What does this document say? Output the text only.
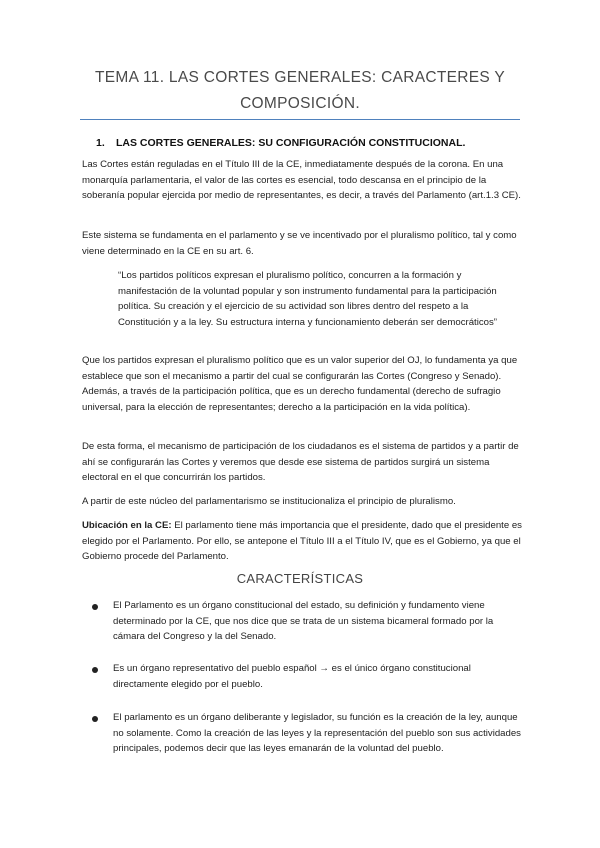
TEMA 11. LAS CORTES GENERALES: CARACTERES Y
COMPOSICIÓN.
1. LAS CORTES GENERALES: SU CONFIGURACIÓN CONSTITUCIONAL.

Las Cortes están reguladas en el Título III de la CE, inmediatamente después de la corona. En una monarquía parlamentaria, el valor de las cortes es esencial, todo descansa en el principio de la soberanía popular ejercida por medio de representantes, es decir, a través del Parlamento (art.1.3 CE).

Este sistema se fundamenta en el parlamento y se ve incentivado por el pluralismo político, tal y como viene determinado en la CE en su art. 6.

“Los partidos políticos expresan el pluralismo político, concurren a la formación y manifestación de la voluntad popular y son instrumento fundamental para la participación política. Su creación y el ejercicio de su actividad son libres dentro del respeto a la Constitución y a la ley. Su estructura interna y funcionamiento deberán ser democráticos”

Que los partidos expresan el pluralismo político que es un valor superior del OJ, lo fundamenta ya que establece que son el mecanismo a partir del cual se configurarán las Cortes (Congreso y Senado). Además, a través de la participación política, que es un derecho fundamental (derecho de sufragio universal, para la elección de representantes; derecho a la participación en la vida política).

De esta forma, el mecanismo de participación de los ciudadanos es el sistema de partidos y a partir de ahí se configurarán las Cortes y veremos que desde ese sistema de partidos surgirá un sistema electoral en el que concurrirán los partidos.

A partir de este núcleo del parlamentarismo se institucionaliza el principio de pluralismo.

Ubicación en la CE: El parlamento tiene más importancia que el presidente, dado que el presidente es elegido por el Parlamento. Por ello, se antepone el Título III a el Título IV, que es el Gobierno, ya que el Gobierno procede del Parlamento.

CARACTERÍSTICAS

El Parlamento es un órgano constitucional del estado, su definición y fundamento viene determinado por la CE, que nos dice que se trata de un sistema bicameral formado por la cámara del Congreso y la del Senado.

Es un órgano representativo del pueblo español → es el único órgano constitucional directamente elegido por el pueblo.

El parlamento es un órgano deliberante y legislador, su función es la creación de la ley, aunque no solamente. Como la creación de las leyes y la representación del pueblo son sus actividades principales, podemos decir que las leyes emanarán de la voluntad del pueblo.
